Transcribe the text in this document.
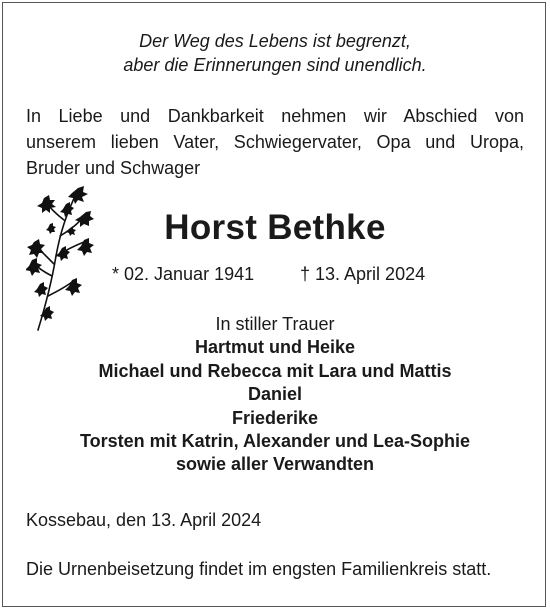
Der Weg des Lebens ist begrenzt,
aber die Erinnerungen sind unendlich.
In Liebe und Dankbarkeit nehmen wir Abschied von
unserem lieben Vater, Schwiegervater, Opa und Uropa,
Bruder und Schwager
Horst Bethke
* 02. Januar 1941	† 13. April 2024
In stiller Trauer
Hartmut und Heike
Michael und Rebecca mit Lara und Mattis
Daniel
Friederike
Torsten mit Katrin, Alexander und Lea-Sophie
sowie aller Verwandten
Kossebau, den 13. April 2024
Die Urnenbeisetzung findet im engsten Familienkreis statt.
